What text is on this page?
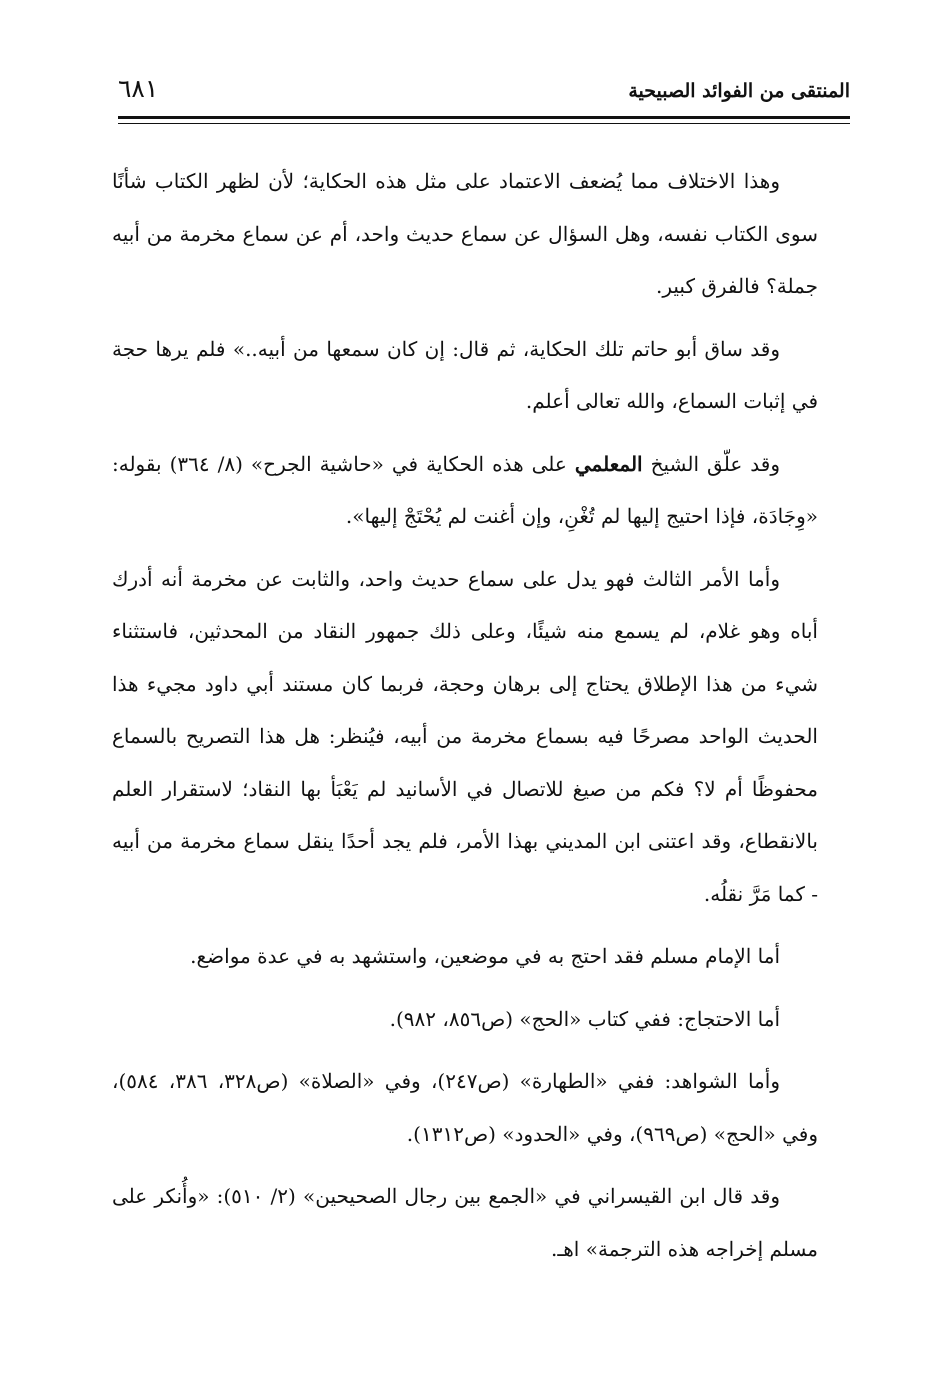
المنتقى من الفوائد الصبيحية
٦٨١

وهذا الاختلاف مما يُضعف الاعتماد على مثل هذه الحكاية؛ لأن لظهر الكتاب شأنًا سوى الكتاب نفسه، وهل السؤال عن سماع حديث واحد، أم عن سماع مخرمة من أبيه جملة؟ فالفرق كبير.

وقد ساق أبو حاتم تلك الحكاية، ثم قال: إن كان سمعها من أبيه..» فلم يرها حجة في إثبات السماع، والله تعالى أعلم.

وقد علّق الشيخ المعلمي على هذه الحكاية في «حاشية الجرح» (٨/ ٣٦٤) بقوله: «وِجَادَة، فإذا احتيج إليها لم تُغْنِ، وإن أغنت لم يُحْتَجْ إليها».

وأما الأمر الثالث فهو يدل على سماع حديث واحد، والثابت عن مخرمة أنه أدرك أباه وهو غلام، لم يسمع منه شيئًا، وعلى ذلك جمهور النقاد من المحدثين، فاستثناء شيء من هذا الإطلاق يحتاج إلى برهان وحجة، فربما كان مستند أبي داود مجيء هذا الحديث الواحد مصرحًا فيه بسماع مخرمة من أبيه، فيُنظر: هل هذا التصريح بالسماع محفوظًا أم لا؟ فكم من صيغ للاتصال في الأسانيد لم يَعْبَأ بها النقاد؛ لاستقرار العلم بالانقطاع، وقد اعتنى ابن المديني بهذا الأمر، فلم يجد أحدًا ينقل سماع مخرمة من أبيه - كما مَرَّ نقلُه.

أما الإمام مسلم فقد احتج به في موضعين، واستشهد به في عدة مواضع.

أما الاحتجاج: ففي كتاب «الحج» (ص٨٥٦، ٩٨٢).

وأما الشواهد: ففي «الطهارة» (ص٢٤٧)، وفي «الصلاة» (ص٣٢٨، ٣٨٦، ٥٨٤)، وفي «الحج» (ص٩٦٩)، وفي «الحدود» (ص١٣١٢).

وقد قال ابن القيسراني في «الجمع بين رجال الصحيحين» (٢/ ٥١٠): «وأُنكر على مسلم إخراجه هذه الترجمة» اهـ.
